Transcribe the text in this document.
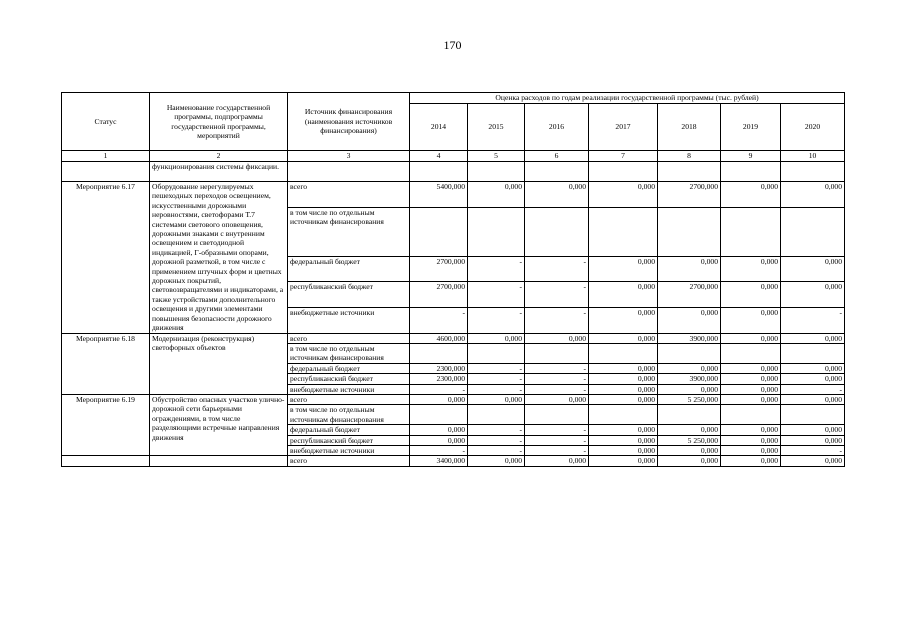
170
Статус	Наименование государственной программы, подпрограммы государственной программы, мероприятий	Источник финансирования (наименования источников финансирования)	Оценка расходов по годам реализации государственной программы (тыс. рублей)						
			2014	2015	2016	2017	2018	2019	2020
1	2	3	4	5	6	7	8	9	10
	функционирования системы фиксации.								
Мероприятие 6.17	Оборудование нерегулируемых пешеходных переходов освещением, искусственными дорожными неровностями, светофорами Т.7 системами светового оповещения, дорожными знаками с внутренним освещением и светодиодной индикацией, Г-образными опорами, дорожной разметкой, в том числе с применением штучных форм и цветных дорожных покрытий, световозвращателями и индикаторами, а также устройствами дополнительного освещения и другими элементами повышения безопасности дорожного движения	всего	5400,000	0,000	0,000	0,000	2700,000	0,000	0,000
		в том числе по отдельным источникам финансирования							
		федеральный бюджет	2700,000	-	-	0,000	0,000	0,000	0,000
		республиканский бюджет	2700,000	-	-	0,000	2700,000	0,000	0,000
		внебюджетные источники	-	-	-	0,000	0,000	0,000	-
Мероприятие 6.18	Модернизация (реконструкция) светофорных объектов	всего	4600,000	0,000	0,000	0,000	3900,000	0,000	0,000
		в том числе по отдельным источникам финансирования							
		федеральный бюджет	2300,000	-	-	0,000	0,000	0,000	0,000
		республиканский бюджет	2300,000	-	-	0,000	3900,000	0,000	0,000
		внебюджетные источники	-	-	-	0,000	0,000	0,000	-
Мероприятие 6.19	Обустройство опасных участков улично-дорожной сети барьерными ограждениями, в том числе разделяющими встречные направления движения	всего	0,000	0,000	0,000	0,000	5 250,000	0,000	0,000
		в том числе по отдельным источникам финансирования							
		федеральный бюджет	0,000	-	-	0,000	0,000	0,000	0,000
		республиканский бюджет	0,000	-	-	0,000	5 250,000	0,000	0,000
		внебюджетные источники	-	-	-	0,000	0,000	0,000	-
		всего	3400,000	0,000	0,000	0,000	0,000	0,000	0,000
